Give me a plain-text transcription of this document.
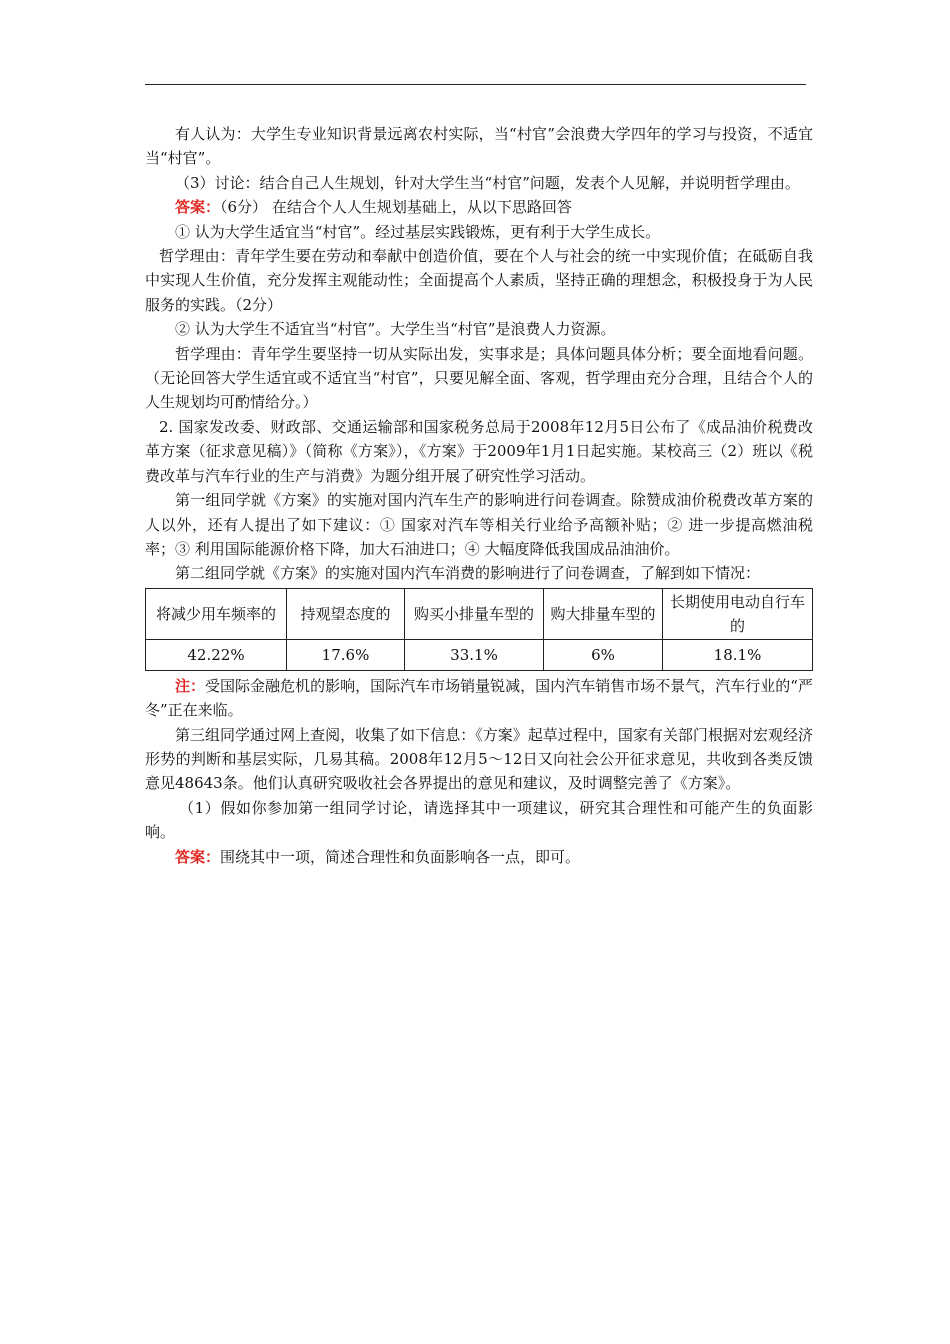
有人认为：大学生专业知识背景远离农村实际，当“村官”会浪费大学四年的学习与投资，不适宜当“村官”。

（3）讨论：结合自己人生规划，针对大学生当“村官”问题，发表个人见解，并说明哲学理由。

答案：（6分） 在结合个人人生规划基础上，从以下思路回答

① 认为大学生适宜当“村官”。经过基层实践锻炼，更有利于大学生成长。

哲学理由：青年学生要在劳动和奉献中创造价值，要在个人与社会的统一中实现价值；在砥砺自我中实现人生价值，充分发挥主观能动性；全面提高个人素质，坚持正确的理想念，积极投身于为人民服务的实践。（2分）

② 认为大学生不适宜当“村官”。大学生当“村官”是浪费人力资源。

哲学理由：青年学生要坚持一切从实际出发，实事求是；具体问题具体分析；要全面地看问题。（无论回答大学生适宜或不适宜当“村官”，只要见解全面、客观，哲学理由充分合理，且结合个人的人生规划均可酌情给分。）

2. 国家发改委、财政部、交通运输部和国家税务总局于2008年12月5日公布了《成品油价税费改革方案（征求意见稿）》（简称《方案》），《方案》于2009年1月1日起实施。某校高三（2）班以《税费改革与汽车行业的生产与消费》为题分组开展了研究性学习活动。

第一组同学就《方案》的实施对国内汽车生产的影响进行问卷调查。除赞成油价税费改革方案的人以外，还有人提出了如下建议：① 国家对汽车等相关行业给予高额补贴；② 进一步提高燃油税率；③ 利用国际能源价格下降，加大石油进口；④ 大幅度降低我国成品油油价。

第二组同学就《方案》的实施对国内汽车消费的影响进行了问卷调查，了解到如下情况：

将减少用车频率的	持观望态度的	购买小排量车型的	购大排量车型的	长期使用电动自行车的
42.22%	17.6%	33.1%	6%	18.1%

注：受国际金融危机的影响，国际汽车市场销量锐减，国内汽车销售市场不景气，汽车行业的“严冬”正在来临。

第三组同学通过网上查阅，收集了如下信息：《方案》起草过程中，国家有关部门根据对宏观经济形势的判断和基层实际，几易其稿。2008年12月5～12日又向社会公开征求意见，共收到各类反馈意见48643条。他们认真研究吸收社会各界提出的意见和建议，及时调整完善了《方案》。

（1）假如你参加第一组同学讨论，请选择其中一项建议，研究其合理性和可能产生的负面影响。

答案：围绕其中一项，简述合理性和负面影响各一点，即可。
